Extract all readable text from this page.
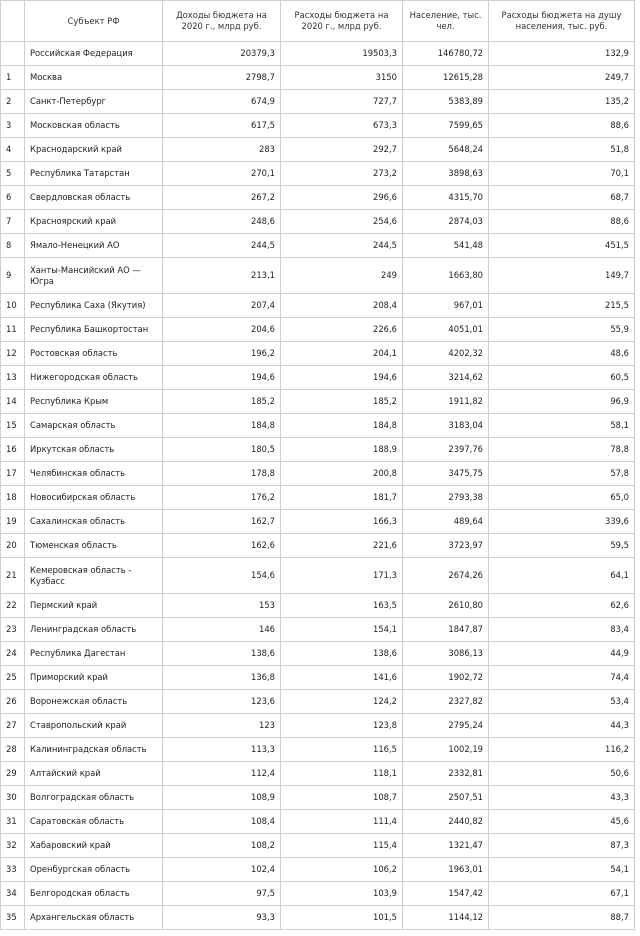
	Субъект РФ	Доходы бюджета на 2020 г., млрд руб.	Расходы бюджета на 2020 г., млрд руб.	Население, тыс. чел.	Расходы бюджета на душу населения, тыс. руб.
	Российская Федерация	20379,3	19503,3	146780,72	132,9
1	Москва	2798,7	3150	12615,28	249,7
2	Санкт-Петербург	674,9	727,7	5383,89	135,2
3	Московская область	617,5	673,3	7599,65	88,6
4	Краснодарский край	283	292,7	5648,24	51,8
5	Республика Татарстан	270,1	273,2	3898,63	70,1
6	Свердловская область	267,2	296,6	4315,70	68,7
7	Красноярский край	248,6	254,6	2874,03	88,6
8	Ямало-Ненецкий АО	244,5	244,5	541,48	451,5
9	Ханты-Мансийский АО — Югра	213,1	249	1663,80	149,7
10	Республика Саха (Якутия)	207,4	208,4	967,01	215,5
11	Республика Башкортостан	204,6	226,6	4051,01	55,9
12	Ростовская область	196,2	204,1	4202,32	48,6
13	Нижегородская область	194,6	194,6	3214,62	60,5
14	Республика Крым	185,2	185,2	1911,82	96,9
15	Самарская область	184,8	184,8	3183,04	58,1
16	Иркутская область	180,5	188,9	2397,76	78,8
17	Челябинская область	178,8	200,8	3475,75	57,8
18	Новосибирская область	176,2	181,7	2793,38	65,0
19	Сахалинская область	162,7	166,3	489,64	339,6
20	Тюменская область	162,6	221,6	3723,97	59,5
21	Кемеровская область - Кузбасс	154,6	171,3	2674,26	64,1
22	Пермский край	153	163,5	2610,80	62,6
23	Ленинградская область	146	154,1	1847,87	83,4
24	Республика Дагестан	138,6	138,6	3086,13	44,9
25	Приморский край	136,8	141,6	1902,72	74,4
26	Воронежская область	123,6	124,2	2327,82	53,4
27	Ставропольский край	123	123,8	2795,24	44,3
28	Калининградская область	113,3	116,5	1002,19	116,2
29	Алтайский край	112,4	118,1	2332,81	50,6
30	Волгоградская область	108,9	108,7	2507,51	43,3
31	Саратовская область	108,4	111,4	2440,82	45,6
32	Хабаровский край	108,2	115,4	1321,47	87,3
33	Оренбургская область	102,4	106,2	1963,01	54,1
34	Белгородская область	97,5	103,9	1547,42	67,1
35	Архангельская область	93,3	101,5	1144,12	88,7
